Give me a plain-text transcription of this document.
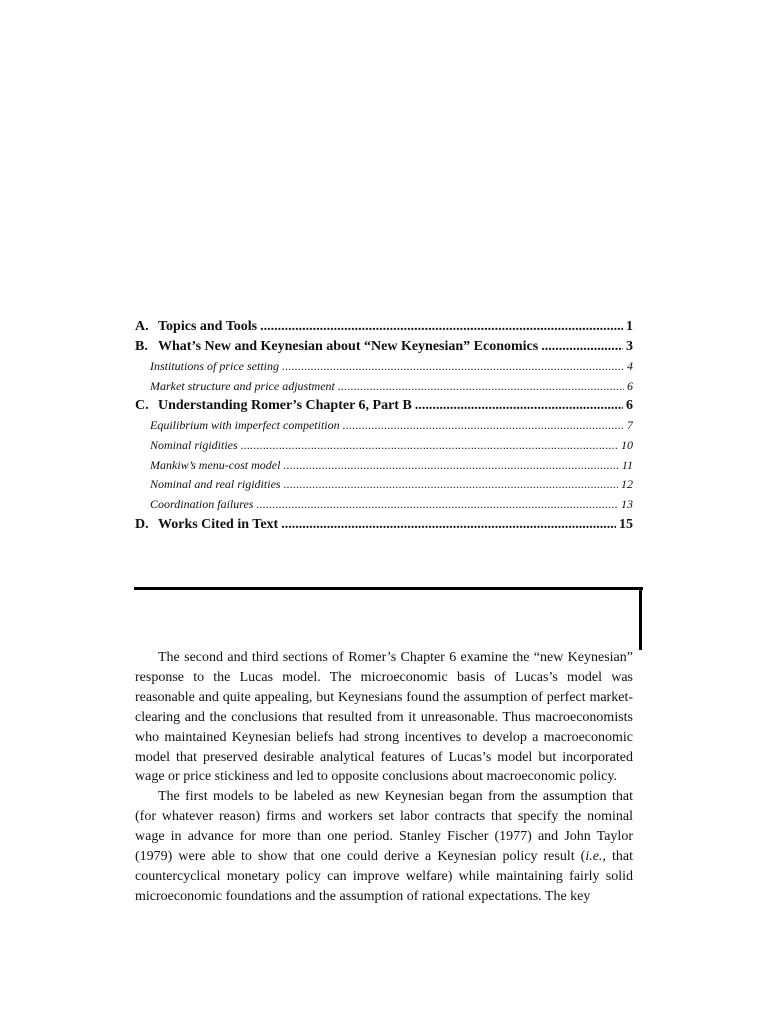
A. Topics and Tools .....	1
B. What’s New and Keynesian about “New Keynesian” Economics .....	3
Institutions of price setting .....	4
Market structure and price adjustment .....	6
C. Understanding Romer’s Chapter 6, Part B .....	6
Equilibrium with imperfect competition .....	7
Nominal rigidities .....	10
Mankiw’s menu-cost model .....	11
Nominal and real rigidities .....	12
Coordination failures .....	13
D. Works Cited in Text .....	15

The second and third sections of Romer’s Chapter 6 examine the “new Keynesian” response to the Lucas model. The microeconomic basis of Lucas’s model was reasonable and quite appealing, but Keynesians found the assumption of perfect market-clearing and the conclusions that resulted from it unreasonable. Thus macroeconomists who maintained Keynesian beliefs had strong incentives to develop a macroeconomic model that preserved desirable analytical features of Lucas’s model but incorporated wage or price stickiness and led to opposite conclusions about macroeconomic policy.

The first models to be labeled as new Keynesian began from the assumption that (for whatever reason) firms and workers set labor contracts that specify the nominal wage in advance for more than one period. Stanley Fischer (1977) and John Taylor (1979) were able to show that one could derive a Keynesian policy result (i.e., that countercyclical monetary policy can improve welfare) while maintaining fairly solid microeconomic foundations and the assumption of rational expectations. The key
